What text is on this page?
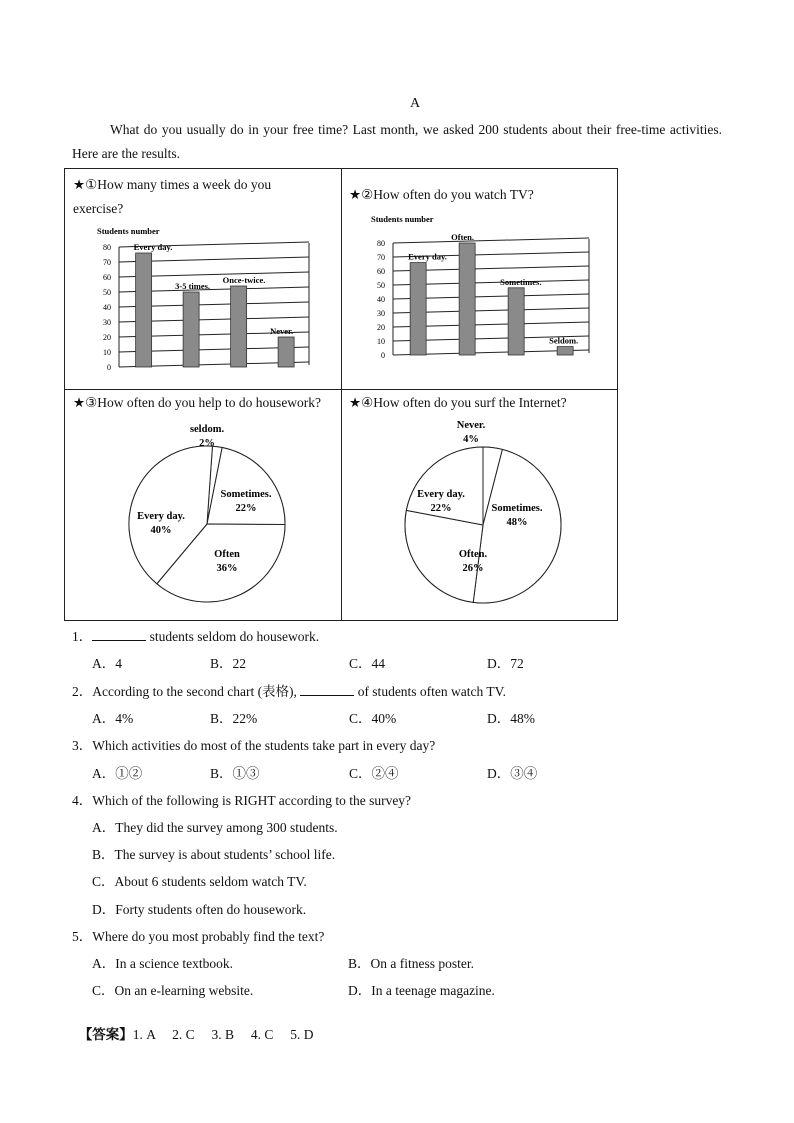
A
What do you usually do in your free time? Last month, we asked 200 students about their free-time activities. Here are the results.
★①How many times a week do you exercise?
Students number
0
10
20
30
40
50
60
70
80	Every day.
3-5 times.
Once-twice.
Never.
★②How often do you watch TV?
Students number
0
10
20
30
40
50
60
70
80
Every day.
Often.
Sometimes.
Seldom.
★③How often do you help to do housework?
seldom.
2%
Sometimes.
22%
Often
36%
Every day.
40%
★④How often do you surf the Internet?
Never.
4%
Sometimes.
48%
Often.
26%
Every day.
22%
1．	students seldom do housework.
A．4	B．22	C．44	D．72
2．According to the second chart (表格),	of students often watch TV.
A．4%	B．22%	C．40%	D．48%
3．Which activities do most of the students take part in every day?
A．①②	B．①③	C．②④	D．③④
4．Which of the following is RIGHT according to the survey?
A．They did the survey among 300 students.
B．The survey is about students’ school life.
C．About 6 students seldom watch TV.
D．Forty students often do housework.
5．Where do you most probably find the text?
A．In a science textbook.	B．On a fitness poster.
C．On an e-learning website.	D．In a teenage magazine.

【答案】1. A     2. C     3. B     4. C     5. D
